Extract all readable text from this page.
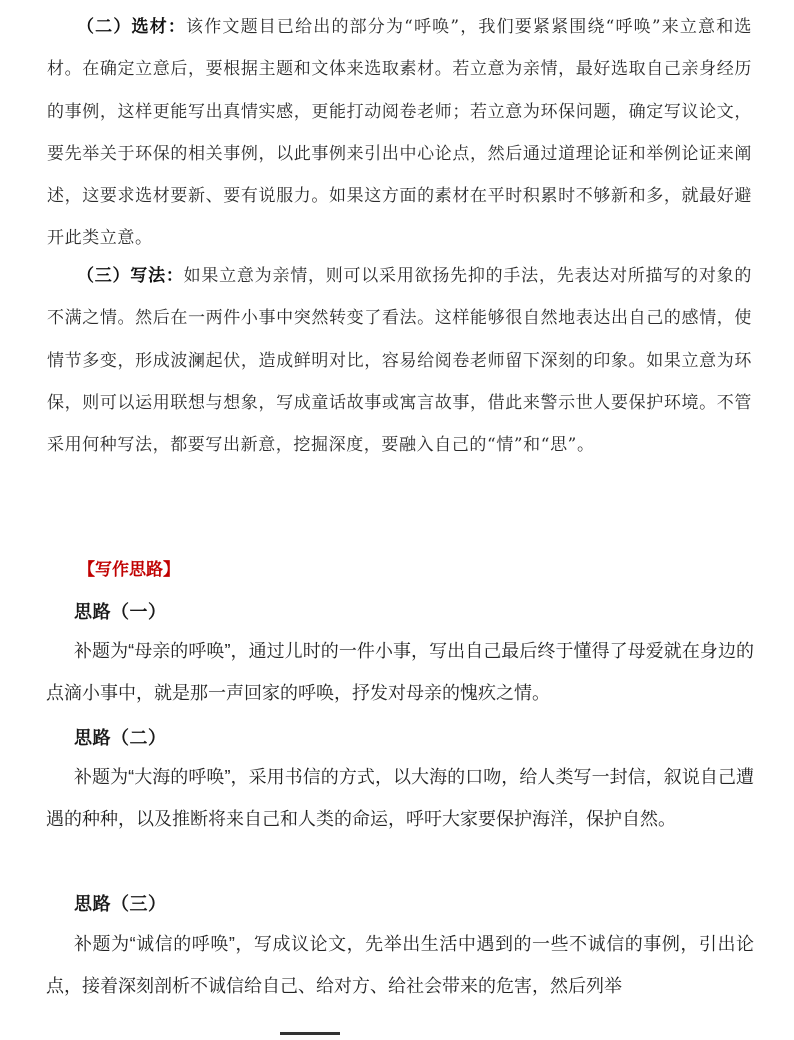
（二）选材：该作文题目已给出的部分为“呼唤”，我们要紧紧围绕“呼唤”来立意和选材。在确定立意后，要根据主题和文体来选取素材。若立意为亲情，最好选取自己亲身经历的事例，这样更能写出真情实感，更能打动阅卷老师；若立意为环保问题，确定写议论文，要先举关于环保的相关事例，以此事例来引出中心论点，然后通过道理论证和举例论证来阐述，这要求选材要新、要有说服力。如果这方面的素材在平时积累时不够新和多，就最好避开此类立意。

（三）写法：如果立意为亲情，则可以采用欲扬先抑的手法，先表达对所描写的对象的不满之情。然后在一两件小事中突然转变了看法。这样能够很自然地表达出自己的感情，使情节多变，形成波澜起伏，造成鲜明对比，容易给阅卷老师留下深刻的印象。如果立意为环保，则可以运用联想与想象，写成童话故事或寓言故事，借此来警示世人要保护环境。不管采用何种写法，都要写出新意，挖掘深度，要融入自己的“情”和“思”。

【写作思路】
思路（一）

补题为“母亲的呼唤”，通过儿时的一件小事，写出自己最后终于懂得了母爱就在身边的点滴小事中，就是那一声回家的呼唤，抒发对母亲的愧疚之情。

思路（二）

补题为“大海的呼唤”，采用书信的方式，以大海的口吻，给人类写一封信，叙说自己遭遇的种种，以及推断将来自己和人类的命运，呼吁大家要保护海洋，保护自然。

思路（三）

补题为“诚信的呼唤”，写成议论文，先举出生活中遇到的一些不诚信的事例，引出论点，接着深刻剖析不诚信给自己、给对方、给社会带来的危害，然后列举
